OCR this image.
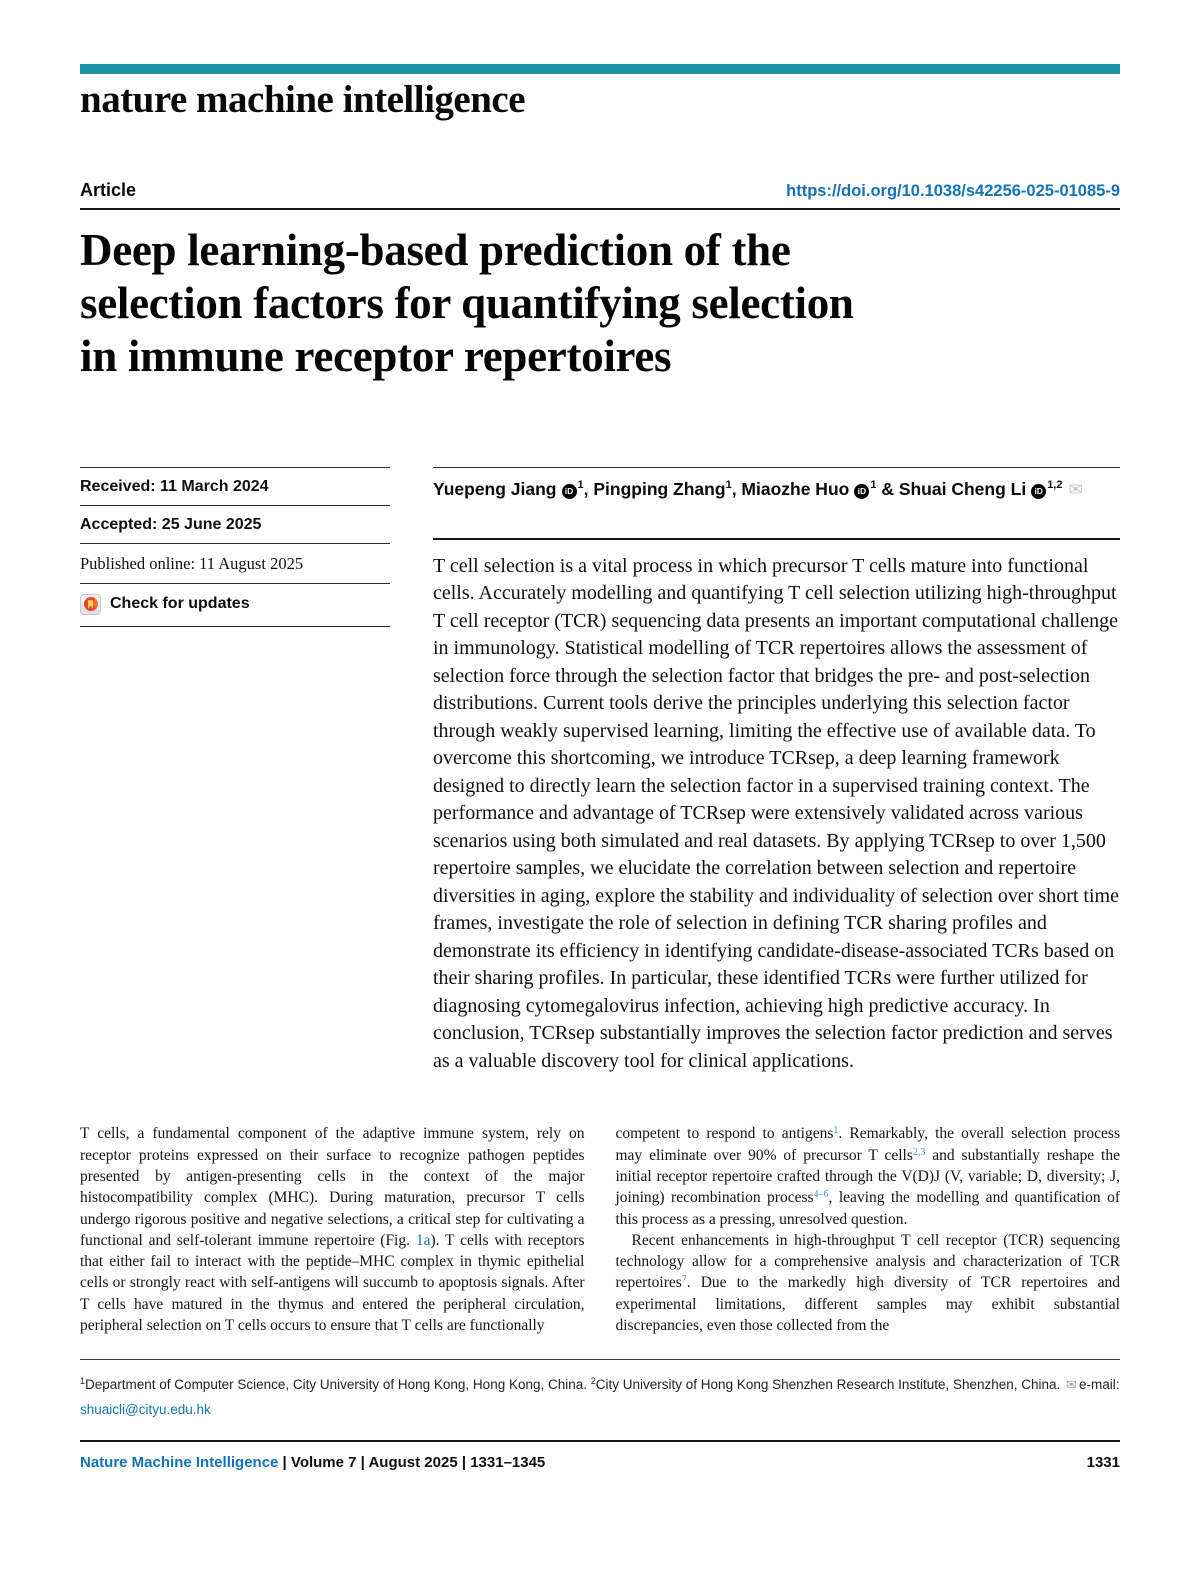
nature machine intelligence
Article	https://doi.org/10.1038/s42256-025-01085-9
Deep learning-based prediction of the
selection factors for quantifying selection
in immune receptor repertoires
Received: 11 March 2024
Accepted: 25 June 2025
Published online: 11 August 2025
Check for updates
Yuepeng Jiang iD $^1$, Pingping Zhang$^1$, Miaozhe Huo iD $^1$ & Shuai Cheng Li iD $^{1,2}$ ✉

T cell selection is a vital process in which precursor T cells mature into functional cells. Accurately modelling and quantifying T cell selection utilizing high-throughput T cell receptor (TCR) sequencing data presents an important computational challenge in immunology. Statistical modelling of TCR repertoires allows the assessment of selection force through the selection factor that bridges the pre- and post-selection distributions. Current tools derive the principles underlying this selection factor through weakly supervised learning, limiting the effective use of available data. To overcome this shortcoming, we introduce TCRsep, a deep learning framework designed to directly learn the selection factor in a supervised training context. The performance and advantage of TCRsep were extensively validated across various scenarios using both simulated and real datasets. By applying TCRsep to over 1,500 repertoire samples, we elucidate the correlation between selection and repertoire diversities in aging, explore the stability and individuality of selection over short time frames, investigate the role of selection in defining TCR sharing profiles and demonstrate its efficiency in identifying candidate-disease-associated TCRs based on their sharing profiles. In particular, these identified TCRs were further utilized for diagnosing cytomegalovirus infection, achieving high predictive accuracy. In conclusion, TCRsep substantially improves the selection factor prediction and serves as a valuable discovery tool for clinical applications.

T cells, a fundamental component of the adaptive immune system, rely on receptor proteins expressed on their surface to recognize pathogen peptides presented by antigen-presenting cells in the context of the major histocompatibility complex (MHC). During maturation, precursor T cells undergo rigorous positive and negative selections, a critical step for cultivating a functional and self-tolerant immune repertoire (Fig. 1a). T cells with receptors that either fail to interact with the peptide–MHC complex in thymic epithelial cells or strongly react with self-antigens will succumb to apoptosis signals. After T cells have matured in the thymus and entered the peripheral circulation, peripheral selection on T cells occurs to ensure that T cells are functionally

competent to respond to antigens$^1$. Remarkably, the overall selection process may eliminate over 90% of precursor T cells$^{2,3}$ and substantially reshape the initial receptor repertoire crafted through the V(D)J (V, variable; D, diversity; J, joining) recombination process$^{4-6}$, leaving the modelling and quantification of this process as a pressing, unresolved question.

Recent enhancements in high-throughput T cell receptor (TCR) sequencing technology allow for a comprehensive analysis and characterization of TCR repertoires$^7$. Due to the markedly high diversity of TCR repertoires and experimental limitations, different samples may exhibit substantial discrepancies, even those collected from the

$^1$Department of Computer Science, City University of Hong Kong, Hong Kong, China. $^2$City University of Hong Kong Shenzhen Research Institute, Shenzhen, China. ✉ e-mail: shuaicli@cityu.edu.hk
Nature Machine Intelligence | Volume 7 | August 2025 | 1331–1345	1331
